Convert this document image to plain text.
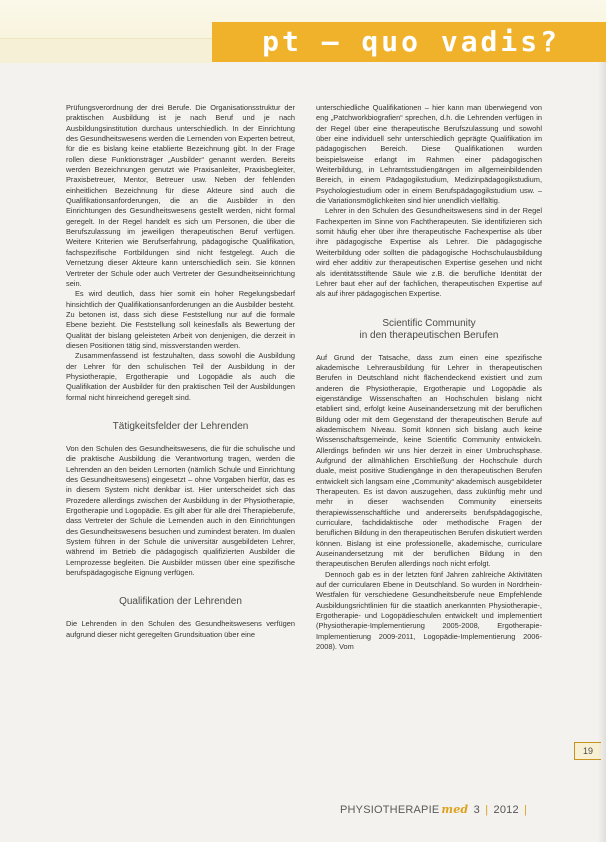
pt – quo vadis?

Prüfungsverordnung der drei Berufe. Die Organisationsstruktur der praktischen Ausbildung ist je nach Beruf und je nach Ausbildungsinstitution durchaus unterschiedlich. In der Einrichtung des Gesundheitswesens werden die Lernenden von Experten betreut, für die es bislang keine etablierte Bezeichnung gibt. In der Frage rollen diese Funktionsträger „Ausbilder“ genannt werden. Bereits werden Bezeichnungen genutzt wie Praxisanleiter, Praxisbegleiter, Praxisbetreuer, Mentor, Betreuer usw. Neben der fehlenden einheitlichen Bezeichnung für diese Akteure sind auch die Qualifikationsanforderungen, die an die Ausbilder in den Einrichtungen des Gesundheitswesens gestellt werden, nicht formal geregelt. In der Regel handelt es sich um Personen, die über die Berufszulassung im jeweiligen therapeutischen Beruf verfügen. Weitere Kriterien wie Berufserfahrung, pädagogische Qualifikation, fachspezifische Fortbildungen sind nicht festgelegt. Auch die Vernetzung dieser Akteure kann unterschiedlich sein. Sie können Vertreter der Schule oder auch Vertreter der Gesundheitseinrichtung sein.

Es wird deutlich, dass hier somit ein hoher Regelungsbedarf hinsichtlich der Qualifikationsanforderungen an die Ausbilder besteht. Zu betonen ist, dass sich diese Feststellung nur auf die formale Ebene bezieht. Die Feststellung soll keinesfalls als Bewertung der Qualität der bislang geleisteten Arbeit von denjenigen, die derzeit in diesen Positionen tätig sind, missverstanden werden.

Zusammenfassend ist festzuhalten, dass sowohl die Ausbildung der Lehrer für den schulischen Teil der Ausbildung in der Physiotherapie, Ergotherapie und Logopädie als auch die Qualifikation der Ausbilder für den praktischen Teil der Ausbildungen formal nicht hinreichend geregelt sind.

Tätigkeitsfelder der Lehrenden

Von den Schulen des Gesundheitswesens, die für die schulische und die praktische Ausbildung die Verantwortung tragen, werden die Lehrenden an den beiden Lernorten (nämlich Schule und Einrichtung des Gesundheitswesens) eingesetzt – ohne Vorgaben hierfür, das es in diesem System nicht denkbar ist. Hier unterscheidet sich das Prozedere allerdings zwischen der Ausbildung in der Physiotherapie, Ergotherapie und Logopädie. Es gilt aber für alle drei Therapieberufe, dass Vertreter der Schule die Lernenden auch in den Einrichtungen des Gesundheitswesens besuchen und zumindest beraten. Im dualen System führen in der Schule die universitär ausgebildeten Lehrer, während im Betrieb die pädagogisch qualifizierten Ausbilder die Lernprozesse begleiten. Die Ausbilder müssen über eine spezifische berufspädagogische Eignung verfügen.

Qualifikation der Lehrenden

Die Lehrenden in den Schulen des Gesundheitswesens verfügen aufgrund dieser nicht geregelten Grundsituation über eine

unterschiedliche Qualifikationen – hier kann man überwiegend von eng „Patchworkbiografien“ sprechen, d.h. die Lehrenden verfügen in der Regel über eine therapeutische Berufszulassung und sowohl über eine individuell sehr unterschiedlich geprägte Qualifikation im pädagogischen Bereich. Diese Qualifikationen wurden beispielsweise erlangt im Rahmen einer pädagogischen Weiterbildung, in Lehramtsstudiengängen im allgemeinbildenden Bereich, in einem Pädagogikstudium, Medizinpädagogikstudium, Psychologiestudium oder in einem Berufspädagogikstudium usw. – die Variationsmöglichkeiten sind hier unendlich vielfältig.

Lehrer in den Schulen des Gesundheitswesens sind in der Regel Fachexperten im Sinne von Fachtherapeuten. Sie identifizieren sich somit häufig eher über ihre therapeutische Fachexpertise als über ihre pädagogische Expertise als Lehrer. Die pädagogische Weiterbildung oder sollten die pädagogische Hochschulausbildung wird eher additiv zur therapeutischen Expertise gesehen und nicht als identitätsstiftende Säule wie z.B. die berufliche Identität der Lehrer baut eher auf der fachlichen, therapeutischen Expertise auf als auf ihrer pädagogischen Expertise.

Scientific Community
in den therapeutischen Berufen

Auf Grund der Tatsache, dass zum einen eine spezifische akademische Lehrerausbildung für Lehrer in therapeutischen Berufen in Deutschland nicht flächendeckend existiert und zum anderen die Physiotherapie, Ergotherapie und Logopädie als eigenständige Wissenschaften an Hochschulen bislang nicht etabliert sind, erfolgt keine Auseinandersetzung mit der beruflichen Bildung oder mit dem Gegenstand der therapeutischen Berufe auf akademischem Niveau. Somit können sich bislang auch keine Wissenschaftsgemeinde, keine Scientific Community entwickeln. Allerdings befinden wir uns hier derzeit in einer Umbruchsphase. Aufgrund der allmählichen Erschließung der Hochschule durch duale, meist positive Studiengänge in den therapeutischen Berufen entwickelt sich langsam eine „Community“ akademisch ausgebildeter Therapeuten. Es ist davon auszugehen, dass zukünftig mehr und mehr in dieser wachsenden Community einerseits therapiewissenschaftliche und andererseits berufspädagogische, curriculare, fachdidaktische oder methodische Fragen der beruflichen Bildung in den therapeutischen Berufen diskutiert werden können. Bislang ist eine professionelle, akademische, curriculare Auseinandersetzung mit der beruflichen Bildung in den therapeutischen Berufen allerdings noch nicht erfolgt.

Dennoch gab es in der letzten fünf Jahren zahlreiche Aktivitäten auf der curricularen Ebene in Deutschland. So wurden in Nordrhein-Westfalen für verschiedene Gesundheitsberufe neue Empfehlende Ausbildungsrichtlinien für die staatlich anerkannten Physiotherapie-, Ergotherapie- und Logopädieschulen entwickelt und implementiert (Physiotherapie-Implementierung 2005-2008, Ergotherapie-Implementierung 2009-2011, Logopädie-Implementierung 2006-2008). Vom

19
PHYSIOTHERAPIE med 3 | 2012 |
